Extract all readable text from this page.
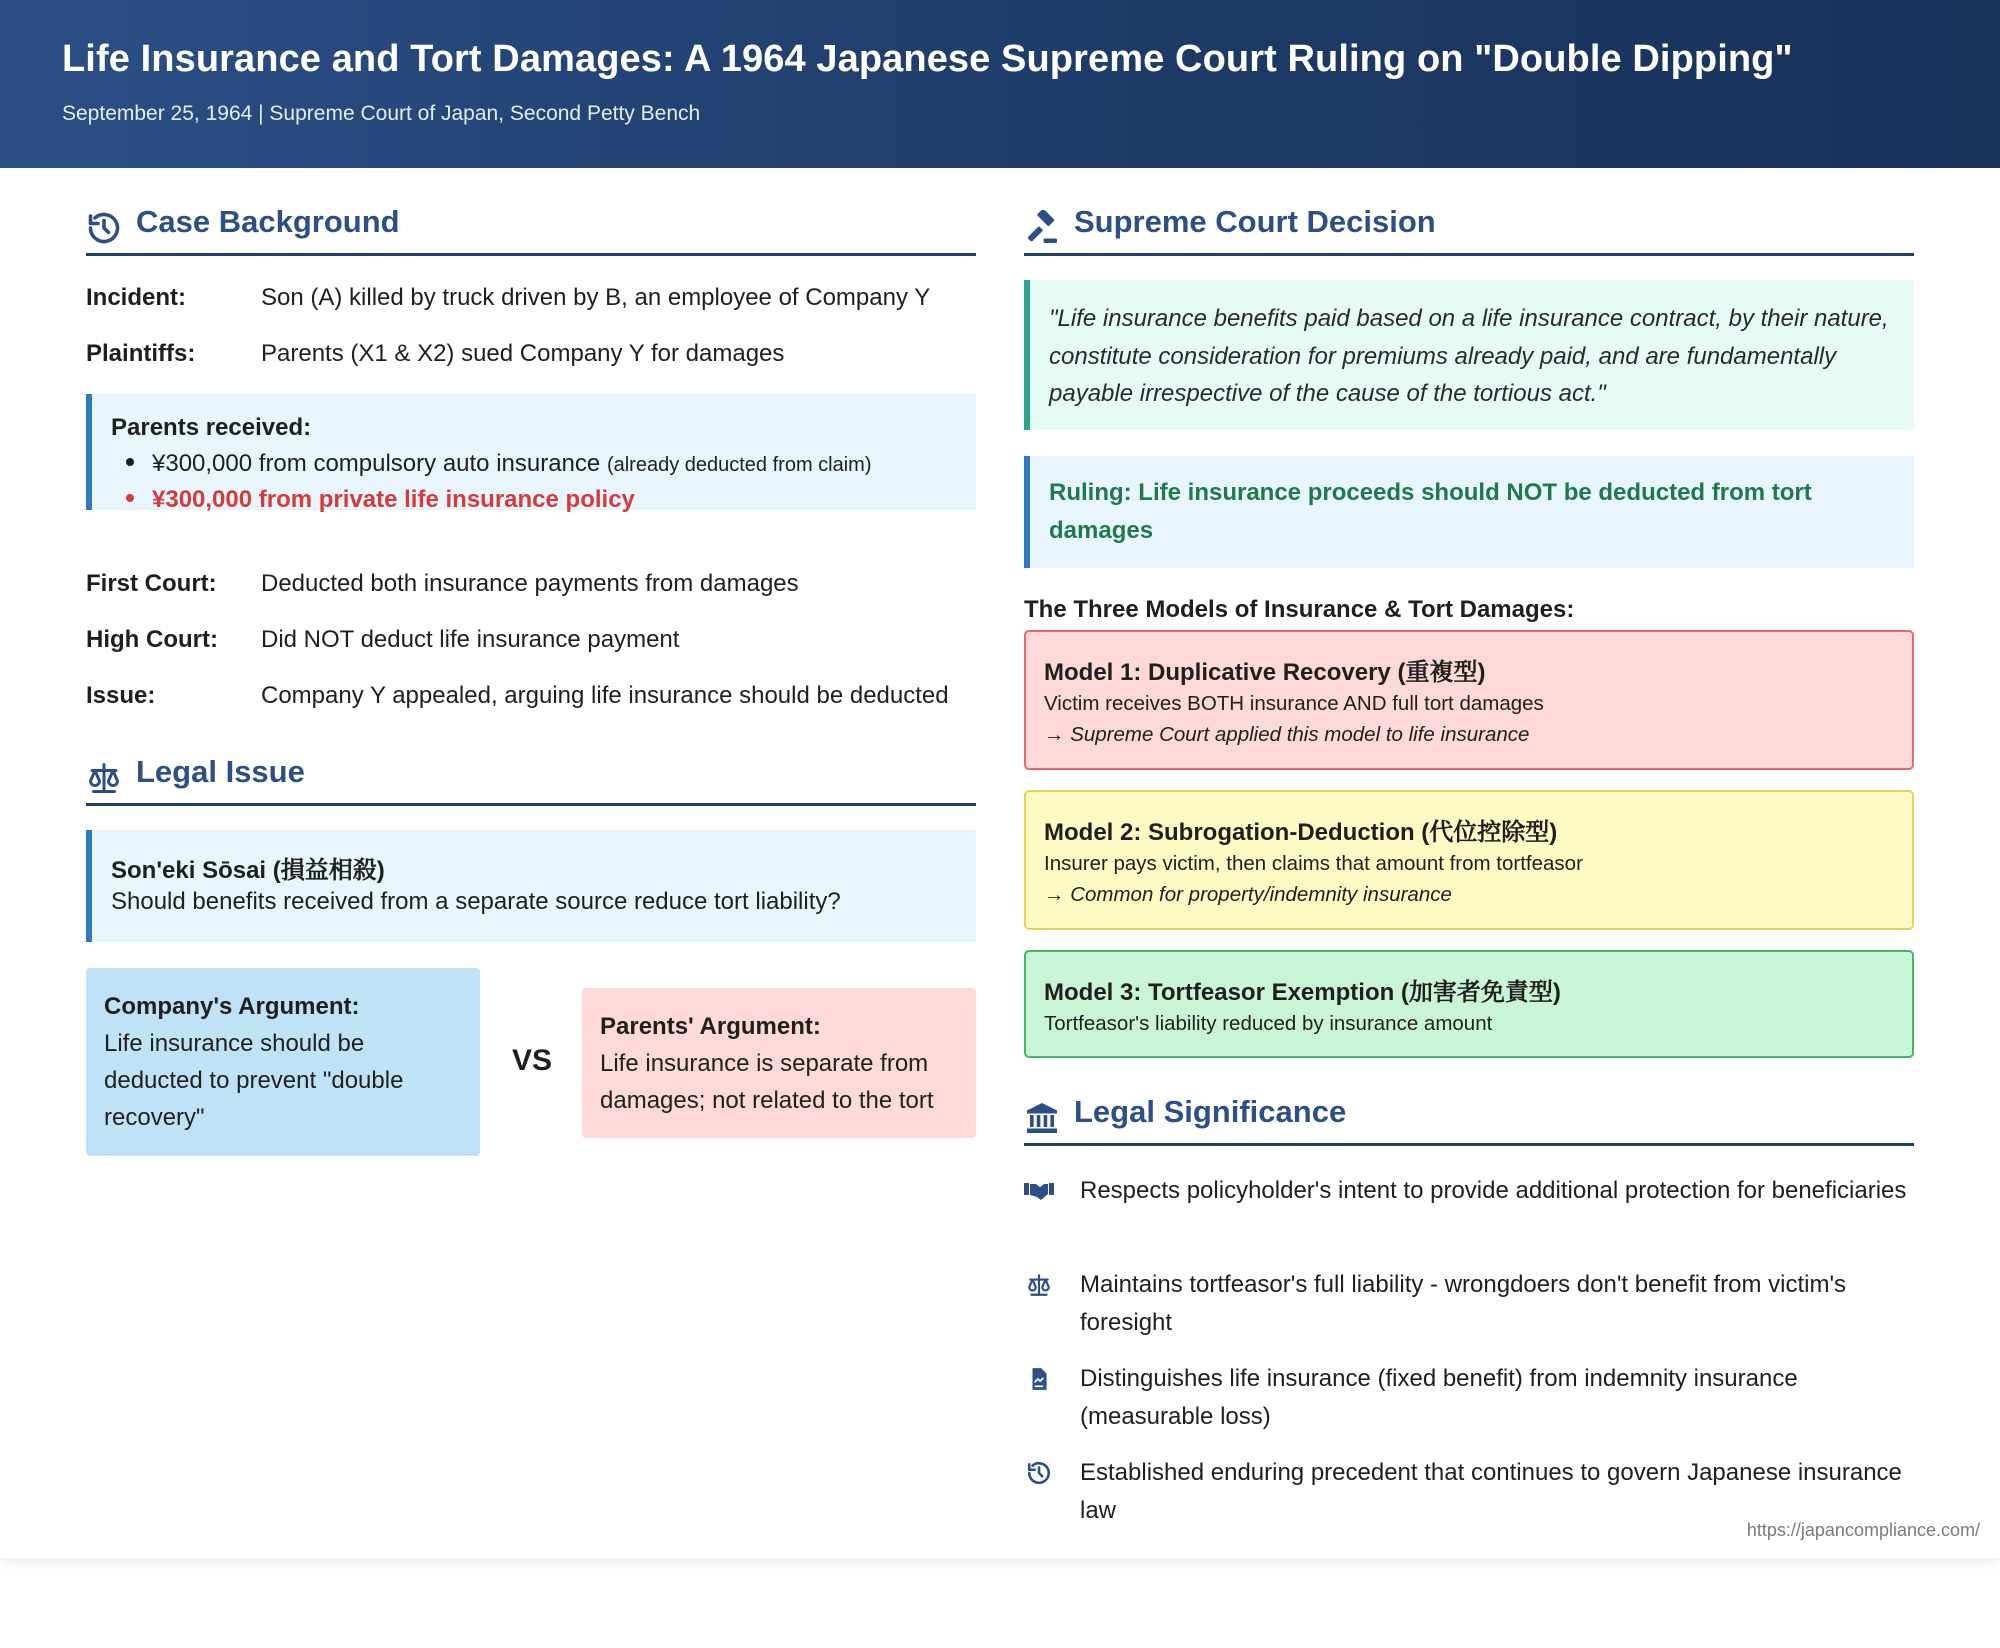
Life Insurance and Tort Damages: A 1964 Japanese Supreme Court Ruling on "Double Dipping"
September 25, 1964 | Supreme Court of Japan, Second Petty Bench
Case Background
Incident:	Son (A) killed by truck driven by B, an employee of Company Y
Plaintiffs:	Parents (X1 & X2) sued Company Y for damages
Parents received:
¥300,000 from compulsory auto insurance (already deducted from claim)
¥300,000 from private life insurance policy
First Court: Deducted both insurance payments from damages
High Court: Did NOT deduct life insurance payment
Issue:	Company Y appealed, arguing life insurance should be deducted
Legal Issue
Son'eki Sōsai (損益相殺)
Should benefits received from a separate source reduce tort liability?
Company's Argument:
Life insurance should be deducted to prevent "double recovery"
VS
Parents' Argument:
Life insurance is separate from damages; not related to the tort
Supreme Court Decision

"Life insurance benefits paid based on a life insurance contract, by their nature, constitute consideration for premiums already paid, and are fundamentally payable irrespective of the cause of the tortious act."

Ruling: Life insurance proceeds should NOT be deducted from tort damages

The Three Models of Insurance & Tort Damages:
Model 1: Duplicative Recovery (重複型)
Victim receives BOTH insurance AND full tort damages
→ Supreme Court applied this model to life insurance
Model 2: Subrogation-Deduction (代位控除型)
Insurer pays victim, then claims that amount from tortfeasor
→ Common for property/indemnity insurance
Model 3: Tortfeasor Exemption (加害者免責型)
Tortfeasor's liability reduced by insurance amount
Legal Significance
Respects policyholder's intent to provide additional protection for beneficiaries
Maintains tortfeasor's full liability - wrongdoers don't benefit from victim's foresight
Distinguishes life insurance (fixed benefit) from indemnity insurance (measurable loss)
Established enduring precedent that continues to govern Japanese insurance law
https://japancompliance.com/
